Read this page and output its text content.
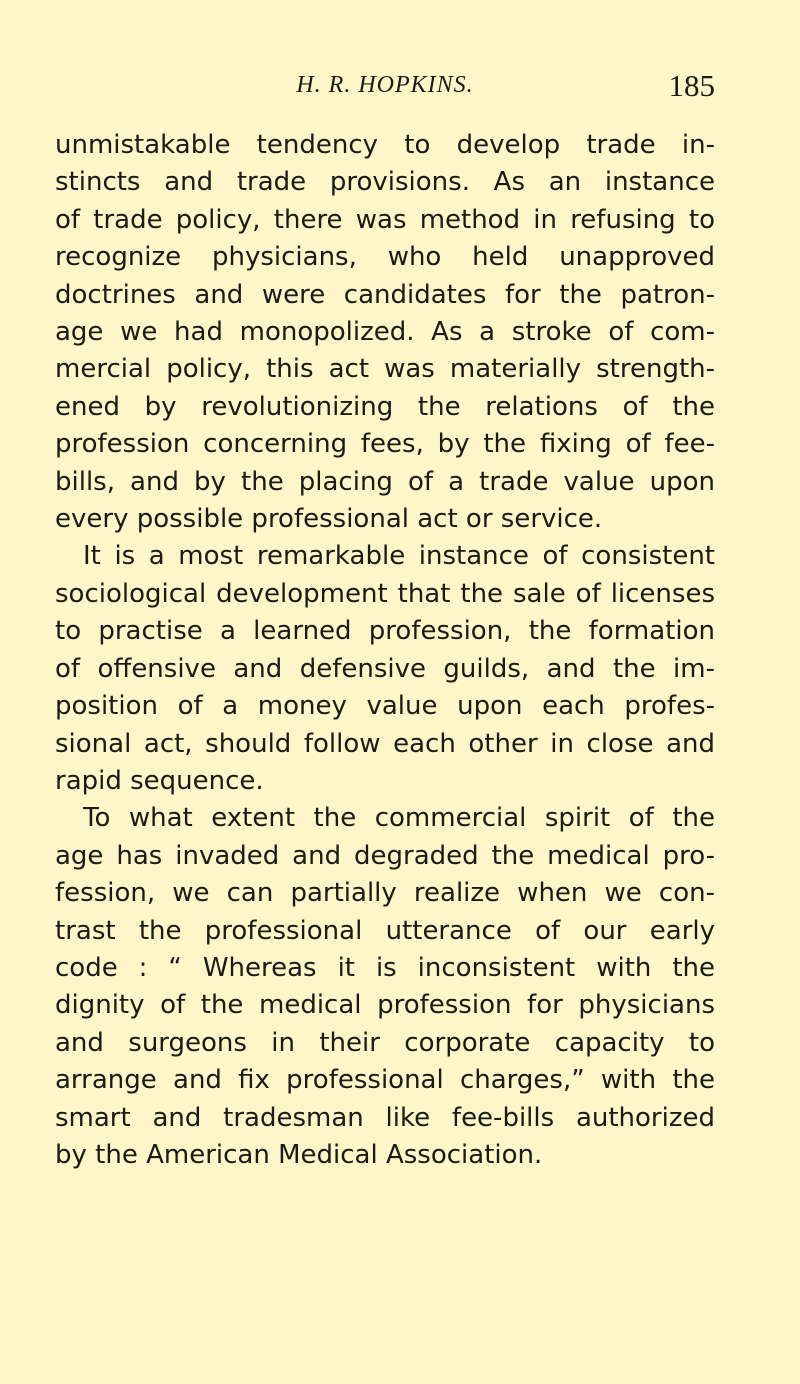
H. R. HOPKINS.	185
unmistakable tendency to develop trade in-
stincts and trade provisions. As an instance
of trade policy, there was method in refusing to
recognize physicians, who held unapproved
doctrines and were candidates for the patron-
age we had monopolized. As a stroke of com-
mercial policy, this act was materially strength-
ened by revolutionizing the relations of the
profession concerning fees, by the fixing of fee-
bills, and by the placing of a trade value upon
every possible professional act or service.
It is a most remarkable instance of consistent
sociological development that the sale of licenses
to practise a learned profession, the formation
of offensive and defensive guilds, and the im-
position of a money value upon each profes-
sional act, should follow each other in close and
rapid sequence.
To what extent the commercial spirit of the
age has invaded and degraded the medical pro-
fession, we can partially realize when we con-
trast the professional utterance of our early
code : “ Whereas it is inconsistent with the
dignity of the medical profession for physicians
and surgeons in their corporate capacity to
arrange and fix professional charges,” with the
smart and tradesman like fee-bills authorized
by the American Medical Association.
